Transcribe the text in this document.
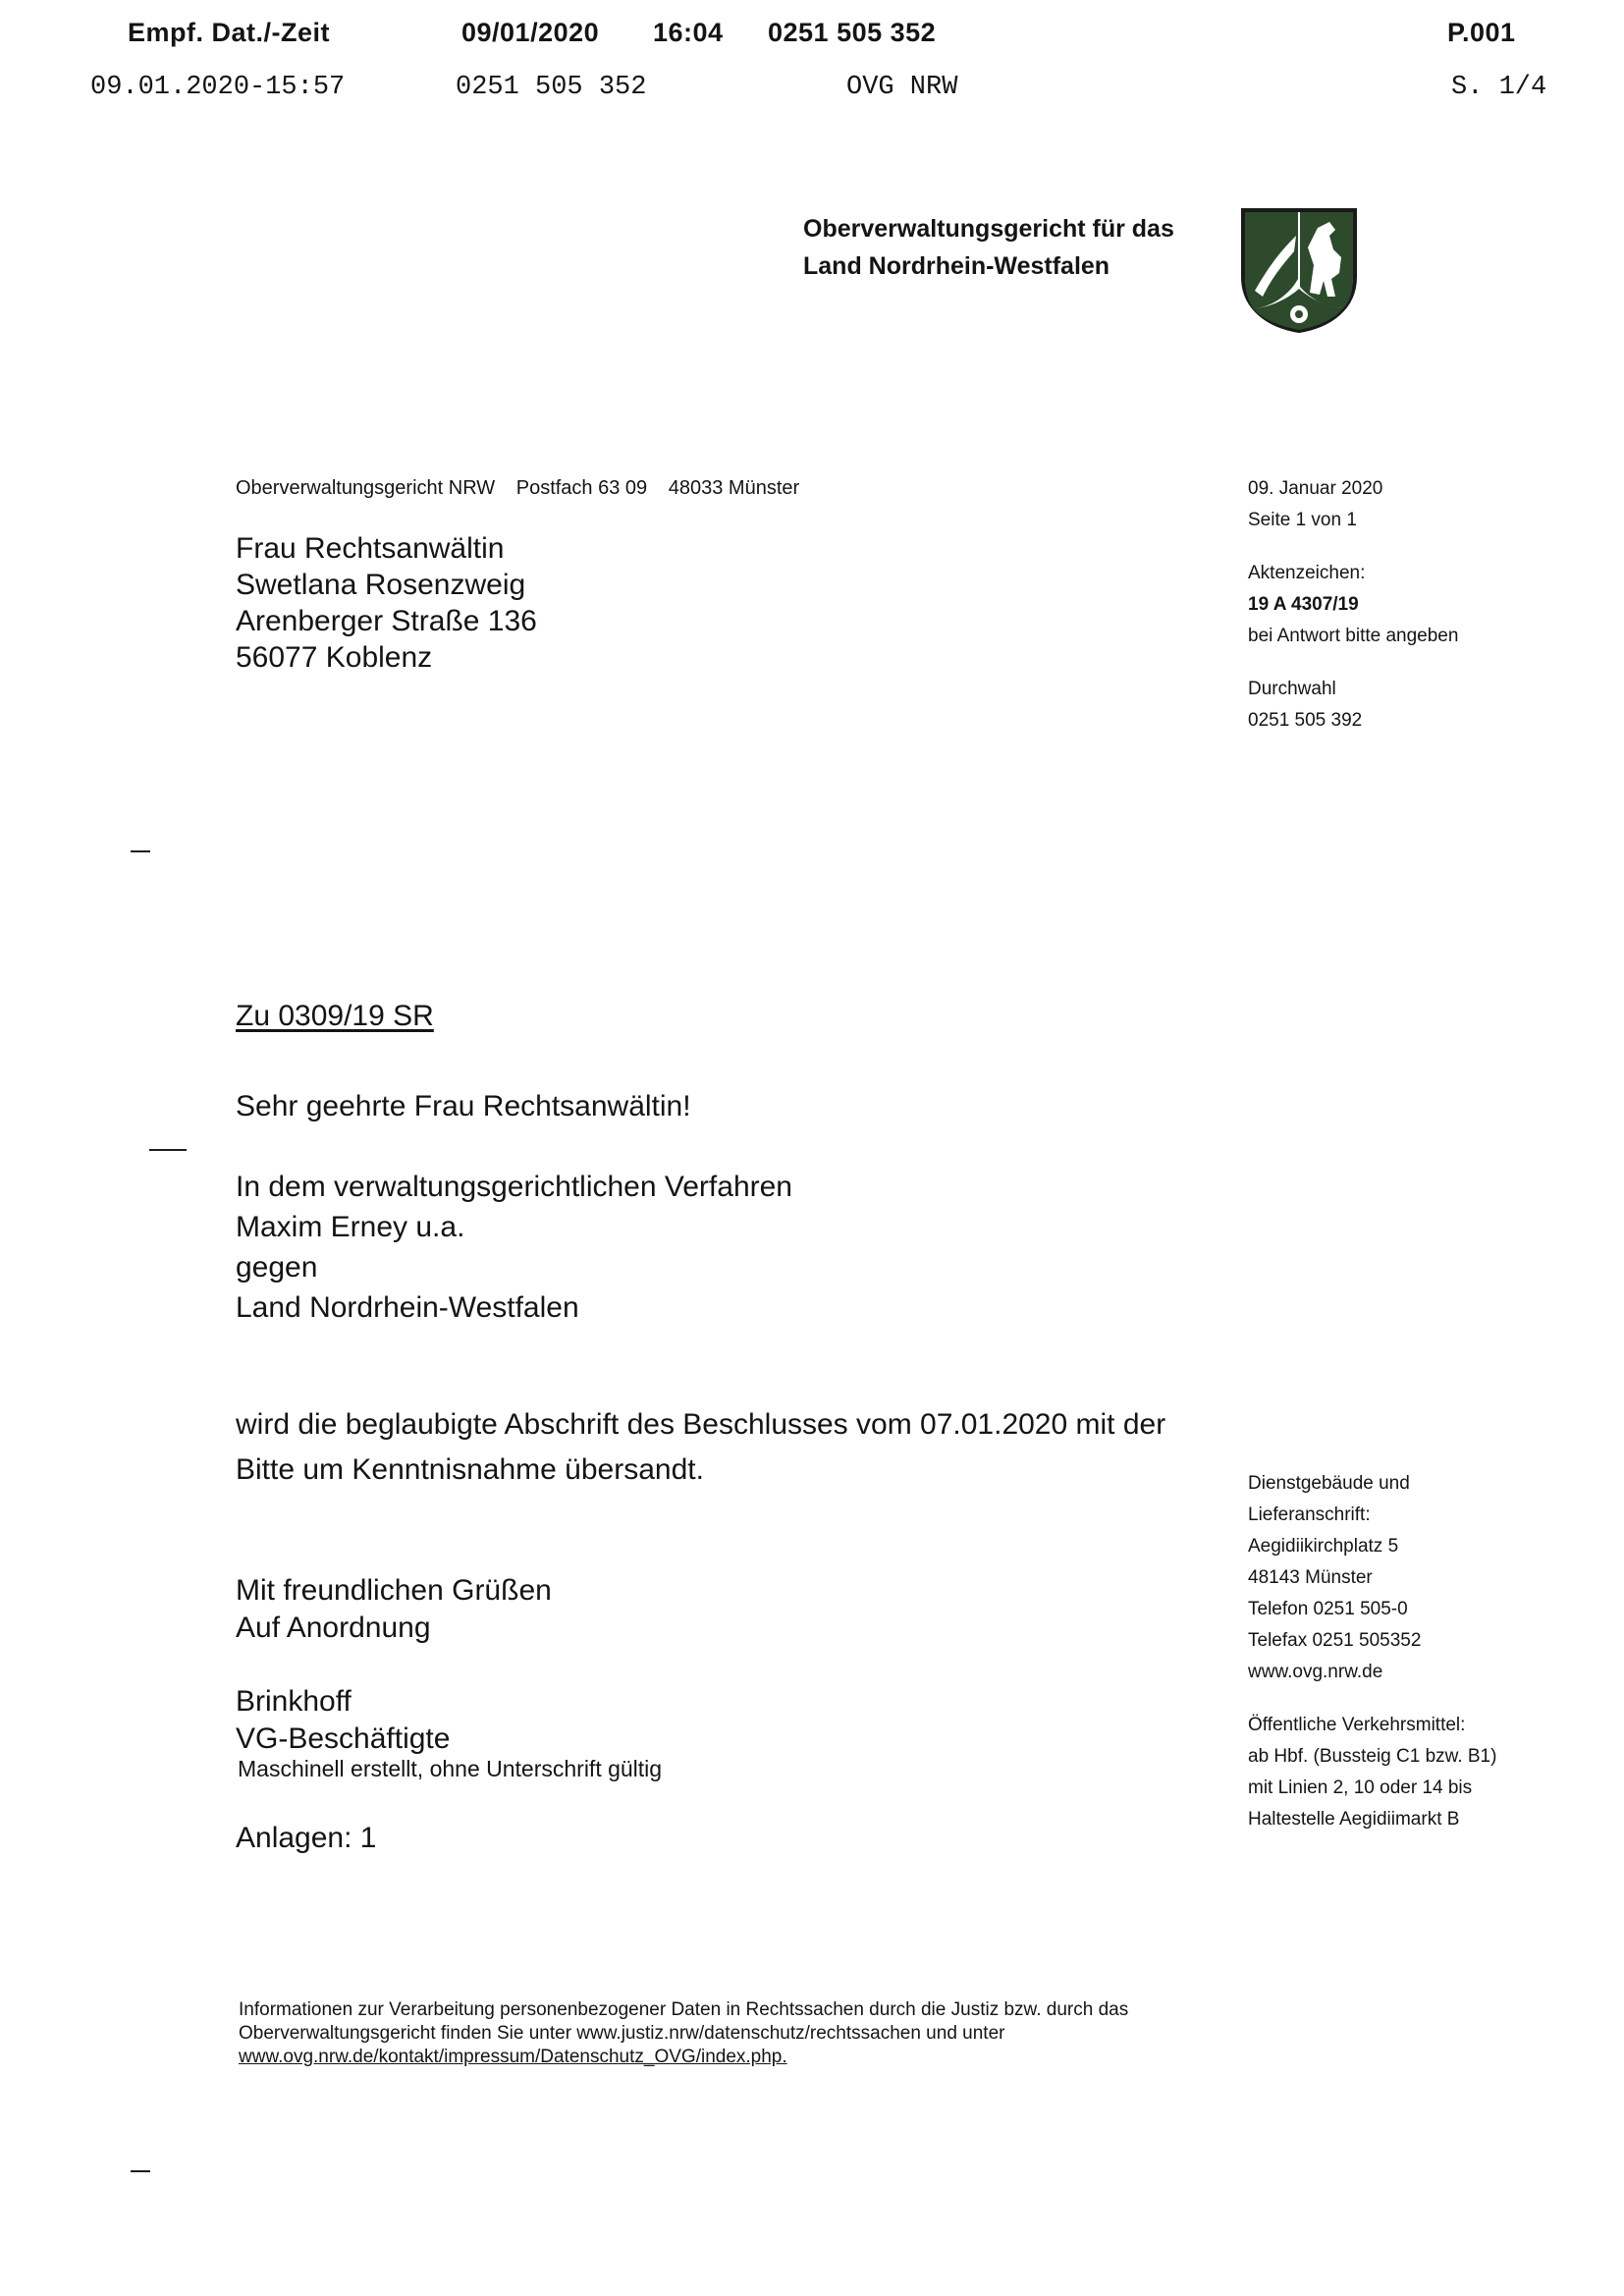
Empf. Dat./-Zeit	09/01/2020 16:04 0251 505 352	P.001
09.01.2020-15:57	0251 505 352	OVG NRW	S. 1/4
Oberverwaltungsgericht für das
Land Nordrhein-Westfalen
Oberverwaltungsgericht NRW Postfach 63 09 48033 Münster
Frau Rechtsanwältin
Swetlana Rosenzweig
Arenberger Straße 136
56077 Koblenz
09. Januar 2020
Seite 1 von 1
Aktenzeichen:
19 A 4307/19
bei Antwort bitte angeben
Durchwahl
0251 505 392
Zu 0309/19 SR
Sehr geehrte Frau Rechtsanwältin!
In dem verwaltungsgerichtlichen Verfahren
Maxim Erney u.a.
gegen
Land Nordrhein-Westfalen
wird die beglaubigte Abschrift des Beschlusses vom 07.01.2020 mit der
Bitte um Kenntnisnahme übersandt.
Mit freundlichen Grüßen
Auf Anordnung
Brinkhoff
VG-Beschäftigte
Maschinell erstellt, ohne Unterschrift gültig
Anlagen: 1
Dienstgebäude und
Lieferanschrift:
Aegidiikirchplatz 5
48143 Münster
Telefon 0251 505-0
Telefax 0251 505352
www.ovg.nrw.de
Öffentliche Verkehrsmittel:
ab Hbf. (Bussteig C1 bzw. B1)
mit Linien 2, 10 oder 14 bis
Haltestelle Aegidiimarkt B
Informationen zur Verarbeitung personenbezogener Daten in Rechtssachen durch die Justiz bzw. durch das
Oberverwaltungsgericht finden Sie unter www.justiz.nrw/datenschutz/rechtssachen und unter
www.ovg.nrw.de/kontakt/impressum/Datenschutz_OVG/index.php.
